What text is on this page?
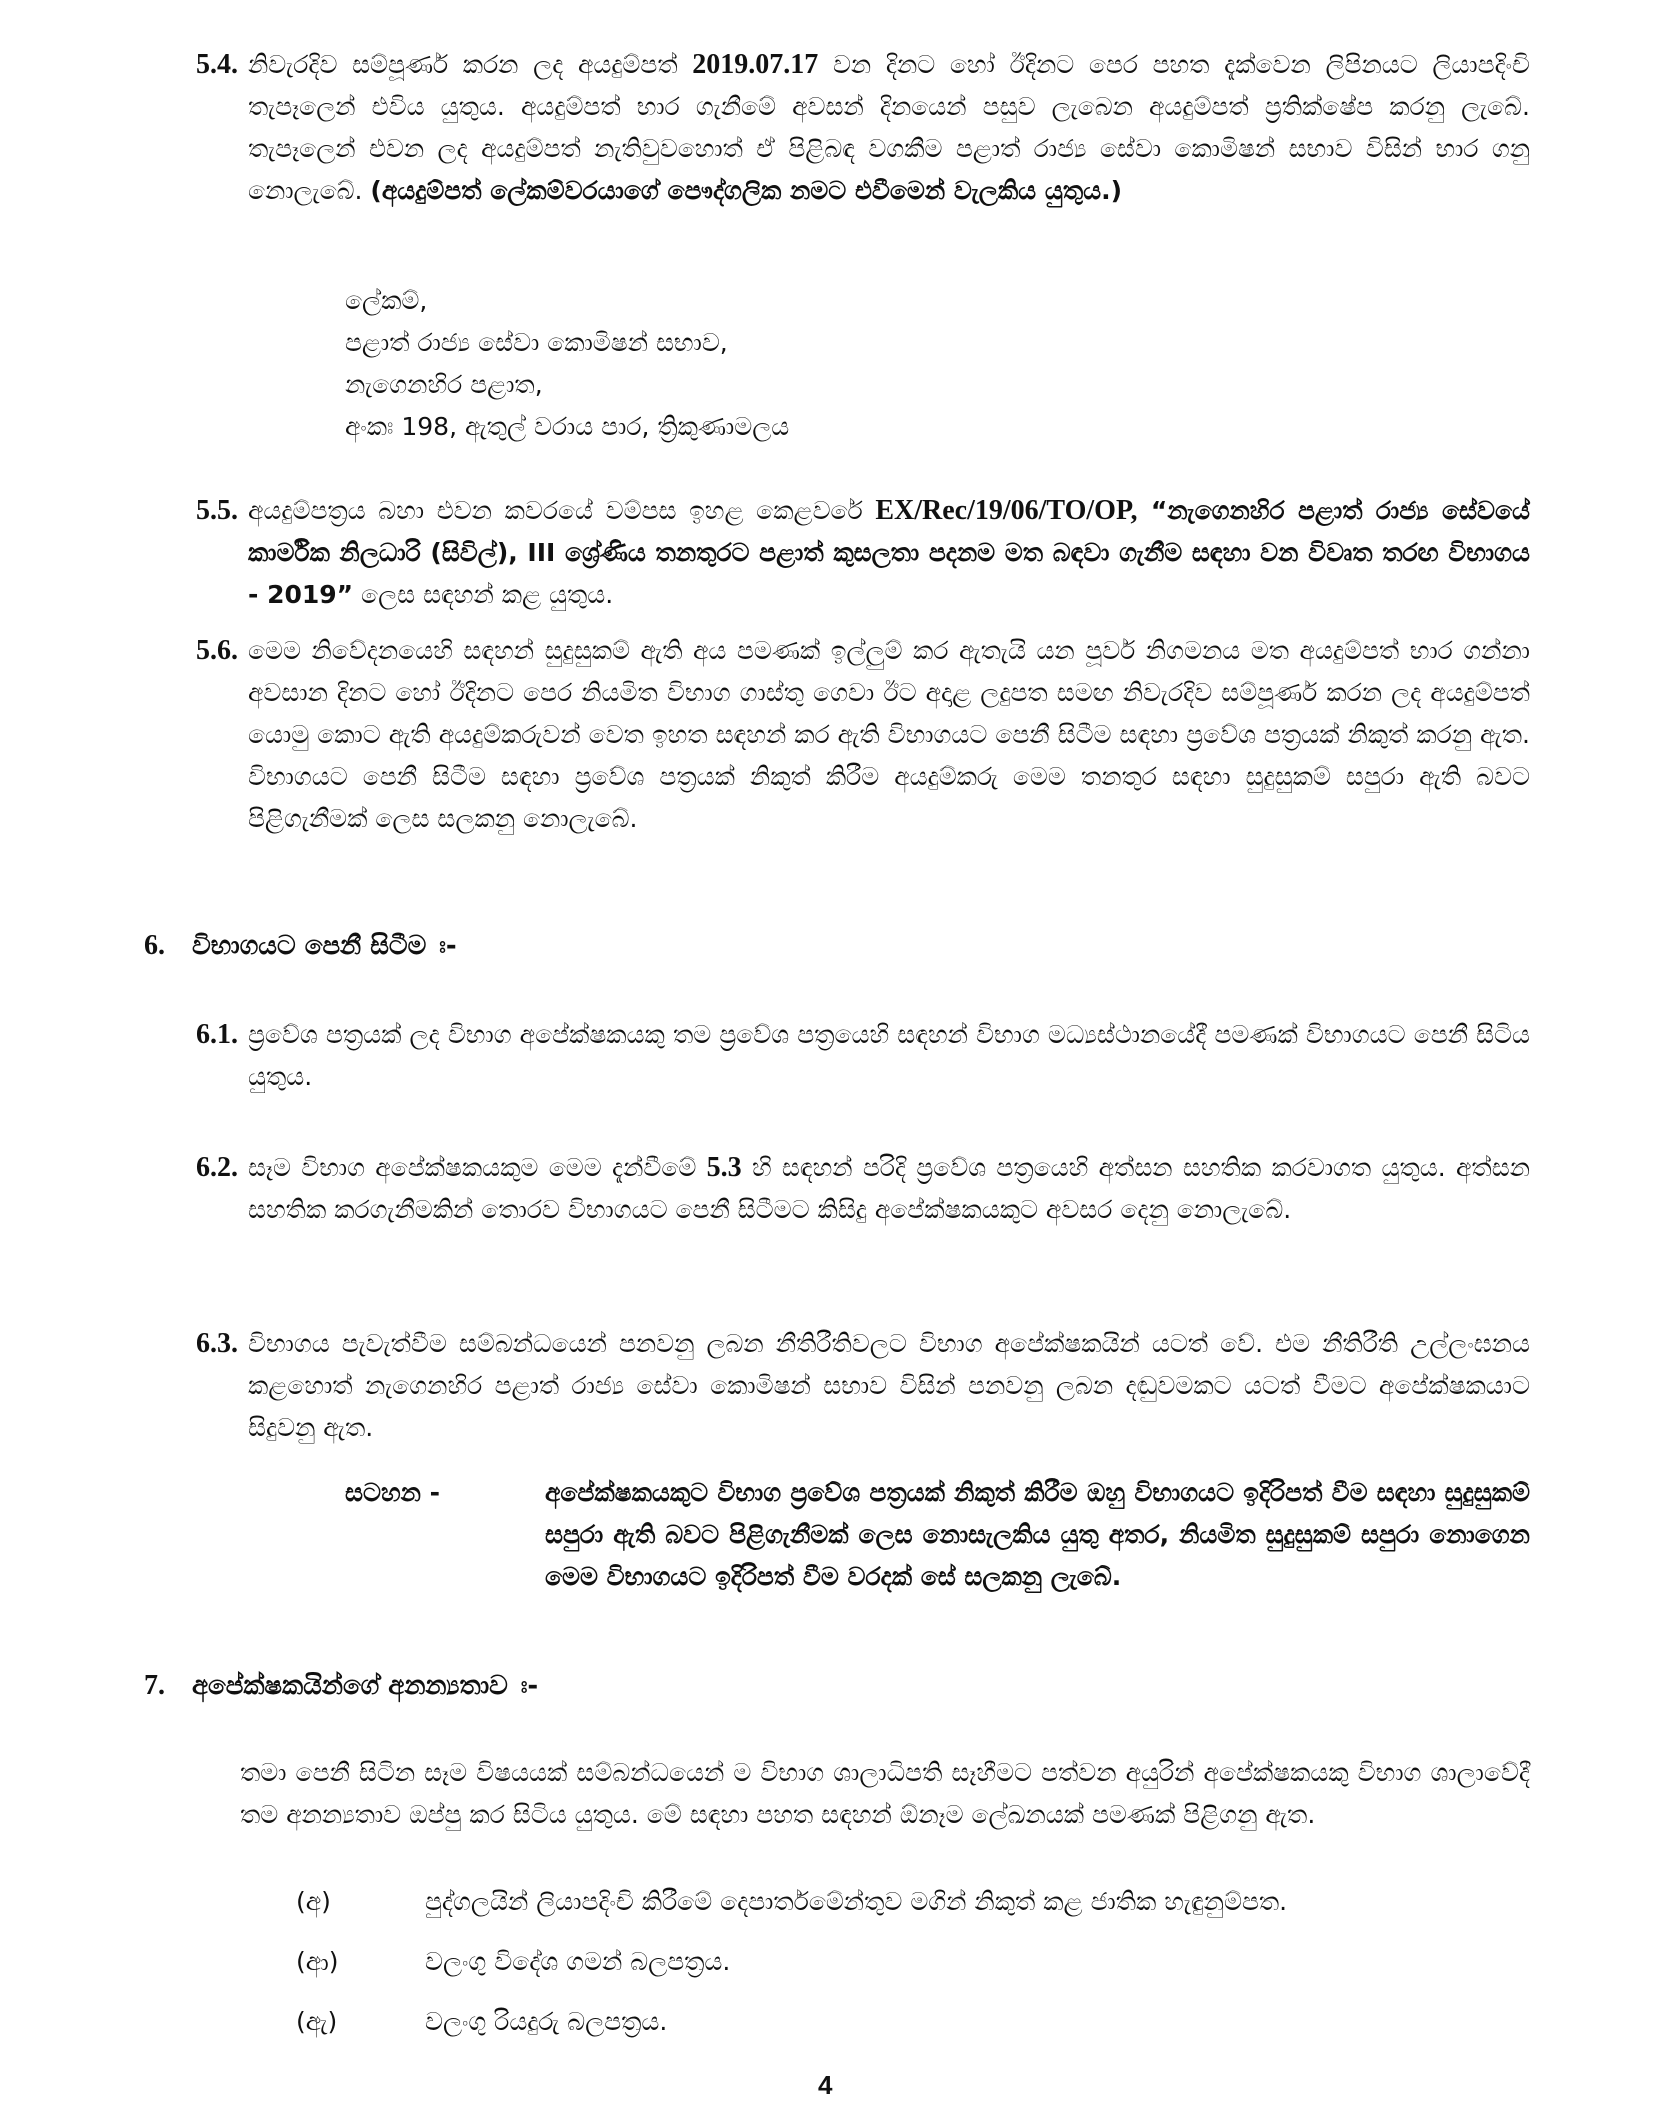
5.4. නිවැරදිව සම්පූර්ණ කරන ලද අයදුම්පත් 2019.07.17 වන දිනට හෝ ඊදිනට පෙර පහත දැක්වෙන ලිපිනයට ලියාපදිංචි තැපෑලෙන් එවිය යුතුය. අයදුම්පත් භාර ගැනීමේ අවසන් දිනයෙන් පසුව ලැබෙන අයදුම්පත් ප්‍රතික්ෂේප කරනු ලැබේ. තැපෑලෙන් එවන ලද අයදුම්පත් නැතිවුවහොත් ඒ පිළිබඳ වගකීම පළාත් රාජ්‍ය සේවා කොමිෂන් සභාව විසින් භාර ගනු නොලැබේ. (අයදුම්පත් ලේකම්වරයාගේ පෞද්ගලික නමට එවීමෙන් වැලකිය යුතුය.)
ලේකම්,
පළාත් රාජ්‍ය සේවා කොමිෂන් සභාව,
නැගෙනහිර පළාත,
අංකඃ 198, ඇතුල් වරාය පාර, ත්‍රිකුණාමලය
5.5. අයදුම්පත්‍රය බහා එවන කවරයේ වම්පස ඉහළ කෙළවරේ EX/Rec/19/06/TO/OP, “නැගෙනහිර පළාත් රාජ්‍ය සේවයේ කාර්මික නිලධාරි (සිවිල්), III ශ්‍රේණිය තනතුරට පළාත් කුසලතා පදනම මත බඳවා ගැනීම සඳහා වන විවෘත තරඟ විභාගය - 2019” ලෙස සඳහන් කළ යුතුය.
5.6. මෙම නිවේදනයෙහි සඳහන් සුදුසුකම් ඇති අය පමණක් ඉල්ලුම් කර ඇතැයි යන පූර්ව නිගමනය මත අයදුම්පත් භාර ගන්නා අවසාන දිනට හෝ ඊදිනට පෙර නියමිත විභාග ගාස්තු ගෙවා ඊට අදාළ ලදුපත සමඟ නිවැරදිව සම්පූර්ණ කරන ලද අයදුම්පත් යොමු කොට ඇති අයදුම්කරුවන් වෙත ඉහත සඳහන් කර ඇති විභාගයට පෙනී සිටීම සඳහා ප්‍රවේශ පත්‍රයක් නිකුත් කරනු ඇත. විභාගයට පෙනී සිටීම සඳහා ප්‍රවේශ පත්‍රයක් නිකුත් කිරීම අයදුම්කරු මෙම තනතුර සඳහා සුදුසුකම් සපුරා ඇති බවට පිළිගැනීමක් ලෙස සලකනු නොලැබේ.
6. විභාගයට පෙනී සිටීම ඃ-
6.1. ප්‍රවේශ පත්‍රයක් ලද විභාග අපේක්ෂකයකු තම ප්‍රවේශ පත්‍රයෙහි සඳහන් විභාග මධ්‍යස්ථානයේදී පමණක් විභාගයට පෙනී සිටිය යුතුය.
6.2. සෑම විභාග අපේක්ෂකයකුම මෙම දැන්වීමේ 5.3 හි සඳහන් පරිදි ප්‍රවේශ පත්‍රයෙහි අත්සන සහතික කරවාගත යුතුය. අත්සන සහතික කරගැනීමකින් තොරව විභාගයට පෙනී සිටීමට කිසිදු අපේක්ෂකයකුට අවසර දෙනු නොලැබේ.
6.3. විභාගය පැවැත්වීම සම්බන්ධයෙන් පනවනු ලබන නීතිරීතිවලට විභාග අපේක්ෂකයින් යටත් වේ. එම නීතිරීති උල්ලංඝනය කළහොත් නැගෙනහිර පළාත් රාජ්‍ය සේවා කොමිෂන් සභාව විසින් පනවනු ලබන දඬුවමකට යටත් වීමට අපේක්ෂකයාට සිදුවනු ඇත.
සටහන -	අපේක්ෂකයකුට විභාග ප්‍රවේශ පත්‍රයක් නිකුත් කිරීම ඔහු විභාගයට ඉදිරිපත් වීම සඳහා සුදුසුකම් සපුරා ඇති බවට පිළිගැනීමක් ලෙස නොසැලකිය යුතු අතර, නියමිත සුදුසුකම් සපුරා නොගෙන මෙම විභාගයට ඉදිරිපත් වීම වරදක් සේ සලකනු ලැබේ.
7. අපේක්ෂකයින්ගේ අනන්‍යතාව ඃ-
තමා පෙනී සිටින සෑම විෂයයක් සම්බන්ධයෙන් ම විභාග ශාලාධිපති සෑහීමට පත්වන අයුරින් අපේක්ෂකයකු විභාග ශාලාවේදී තම අනන්‍යතාව ඔප්පු කර සිටිය යුතුය. මේ සඳහා පහත සඳහන් ඕනෑම ලේඛනයක් පමණක් පිළිගනු ඇත.
(අ)	පුද්ගලයින් ලියාපදිංචි කිරීමේ දෙපාර්තමේන්තුව මගින් නිකුත් කළ ජාතික හැඳුනුම්පත.
(ආ)	වලංගු විදේශ ගමන් බලපත්‍රය.
(ඇ)	වලංගු රියදුරු බලපත්‍රය.
4
